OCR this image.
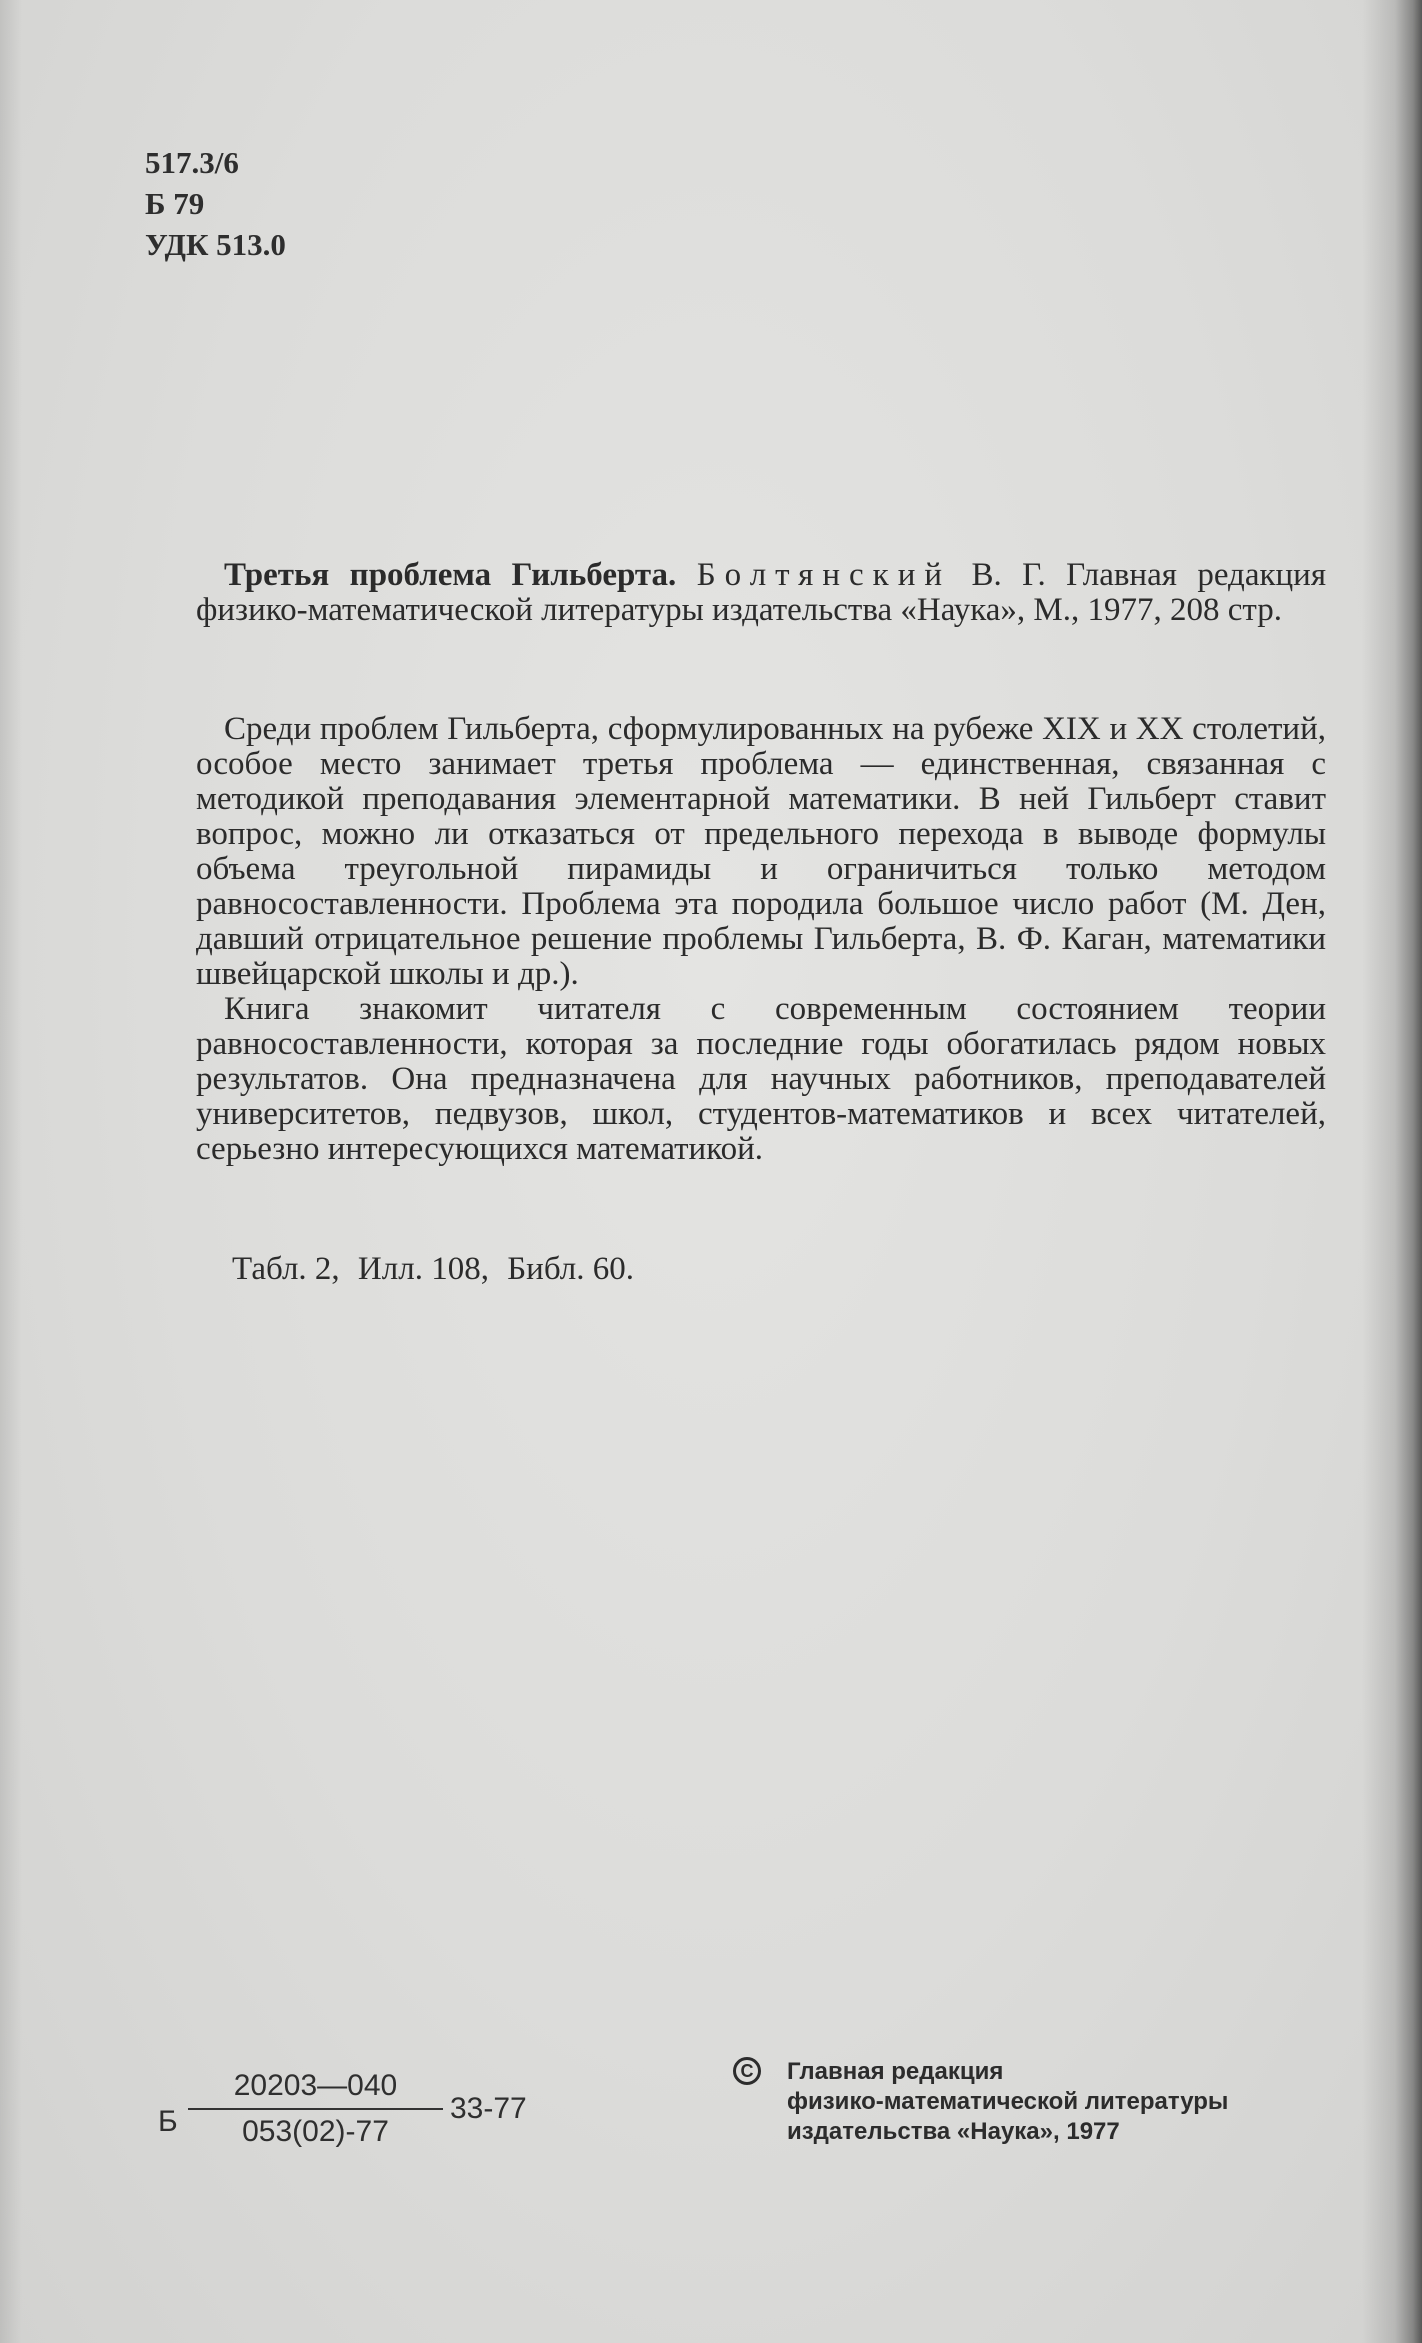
517.3/6
Б 79
УДК 513.0

Третья проблема Гильберта. Болтянский В. Г. Главная редакция физико-математической литературы издательства «Наука», М., 1977, 208 стр.

Среди проблем Гильберта, сформулированных на рубеже XIX и XX столетий, особое место занимает третья проблема — единственная, связанная с методикой преподавания элементарной математики. В ней Гильберт ставит вопрос, можно ли отказаться от предельного перехода в выводе формулы объема треугольной пирамиды и ограничиться только методом равносоставленности. Проблема эта породила большое число работ (М. Ден, давший отрицательное решение проблемы Гильберта, В. Ф. Каган, математики швейцарской школы и др.).

Книга знакомит читателя с современным состоянием теории равносоставленности, которая за последние годы обогатилась рядом новых результатов. Она предназначена для научных работников, преподавателей университетов, педвузов, школ, студентов-математиков и всех читателей, серьезно интересующихся математикой.

Табл. 2, Илл. 108, Библ. 60.
Б
20203—040
053(02)-77
33-77
С	Главная редакция
физико-математической литературы
издательства «Наука», 1977
